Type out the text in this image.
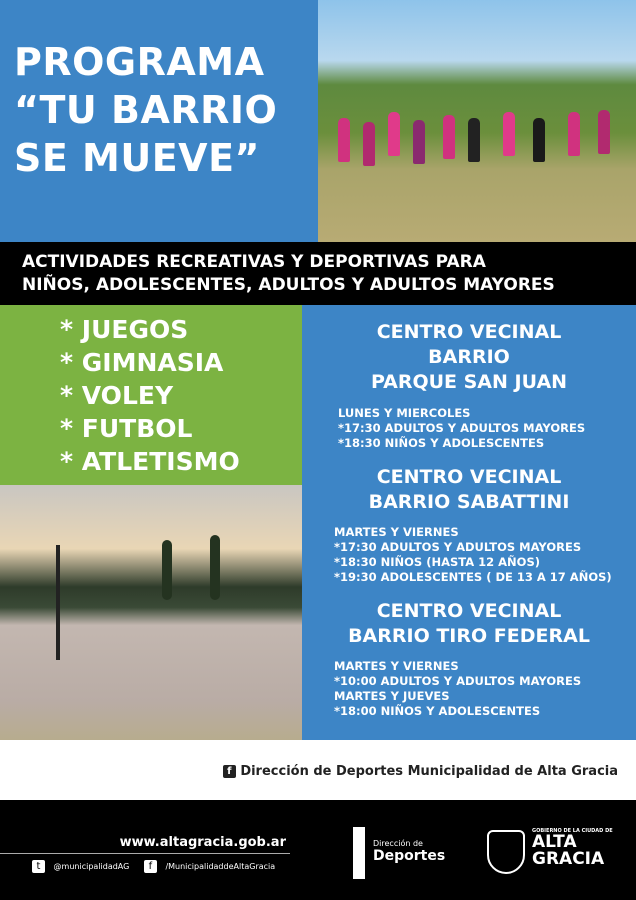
PROGRAMA
“TU BARRIO
SE MUEVE”
ACTIVIDADES RECREATIVAS Y DEPORTIVAS PARA
NIÑOS, ADOLESCENTES, ADULTOS Y ADULTOS MAYORES
* JUEGOS
* GIMNASIA
* VOLEY
* FUTBOL
* ATLETISMO
CENTRO VECINAL
BARRIO
PARQUE SAN JUAN
LUNES Y MIERCOLES
*17:30 ADULTOS Y ADULTOS MAYORES
*18:30 NIÑOS Y ADOLESCENTES
CENTRO VECINAL
BARRIO SABATTINI
MARTES Y VIERNES
*17:30 ADULTOS Y ADULTOS MAYORES
*18:30 NIÑOS (HASTA 12 AÑOS)
*19:30 ADOLESCENTES ( DE 13 A 17 AÑOS)
CENTRO VECINAL
BARRIO TIRO FEDERAL
MARTES Y VIERNES
*10:00 ADULTOS Y ADULTOS MAYORES
MARTES Y JUEVES
*18:00 NIÑOS Y ADOLESCENTES
f Dirección de Deportes Municipalidad de Alta Gracia
www.altagracia.gob.ar
t @municipalidadAG f /MunicipalidaddeAltaGracia
Dirección de
Deportes
GOBIERNO DE LA CIUDAD DE
ALTA
GRACIA
